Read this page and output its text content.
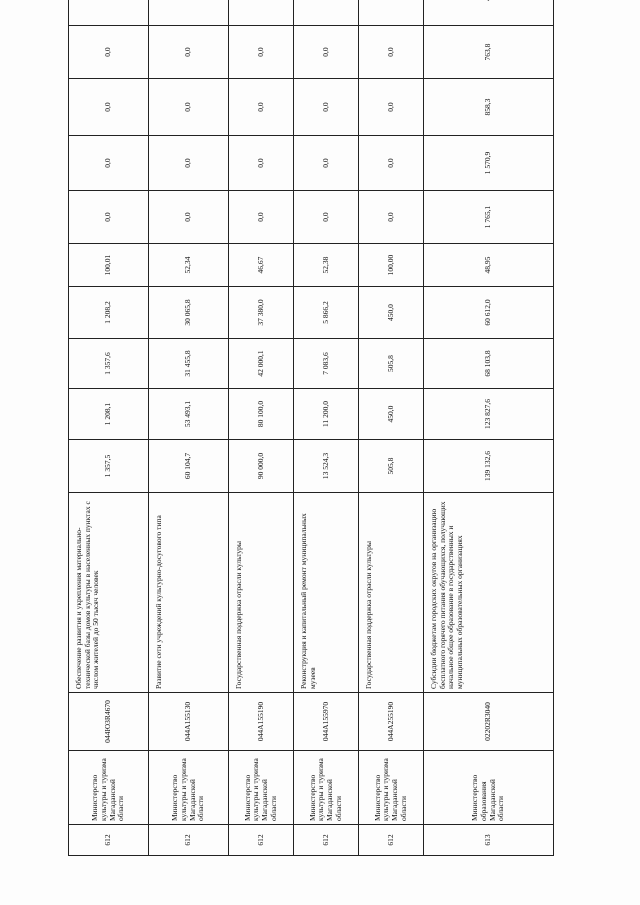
612	Министерство культуры и туризма Магаданской области	044Ю3R4670	Обеспечение развития и укрепления материально-технической базы домов культуры в населенных пунктах с числом жителей до 50 тысяч человек	1 357,5	1 208,1	1 357,6	1 208,2	100,01	0,0	0,0	0,0	0,0	
612	Министерство культуры и туризма Магаданской области	044А155130	Развитие сети учреждений культурно-досугового типа	60 104,7	53 493,1	31 455,8	30 065,8	52,34	0,0	0,0	0,0	0,0	
612	Министерство культуры и туризма Магаданской области	044А155190	Государственная поддержка отрасли культуры	90 000,0	80 100,0	42 000,1	37 380,0	46,67	0,0	0,0	0,0	0,0	
612	Министерство культуры и туризма Магаданской области	044А155970	Реконструкция и капитальный ремонт муниципальных музеев	13 524,3	11 200,0	7 083,6	5 866,2	52,38	0,0	0,0	0,0	0,0	
612	Министерство культуры и туризма Магаданской области	044А255190	Государственная поддержка отрасли культуры	505,8	450,0	505,8	450,0	100,00	0,0	0,0	0,0	0,0	
613	Министерство образования Магаданской области	02202R3040	Субсидии бюджетам городских округов на организацию бесплатного горячего питания обучающихся, получающих начальное общее образование в государственных и муниципальных образовательных организациях	139 132,6	123 827,6	68 103,8	60 612,0	48,95	1 765,1	1 570,9	858,3	763,8	
